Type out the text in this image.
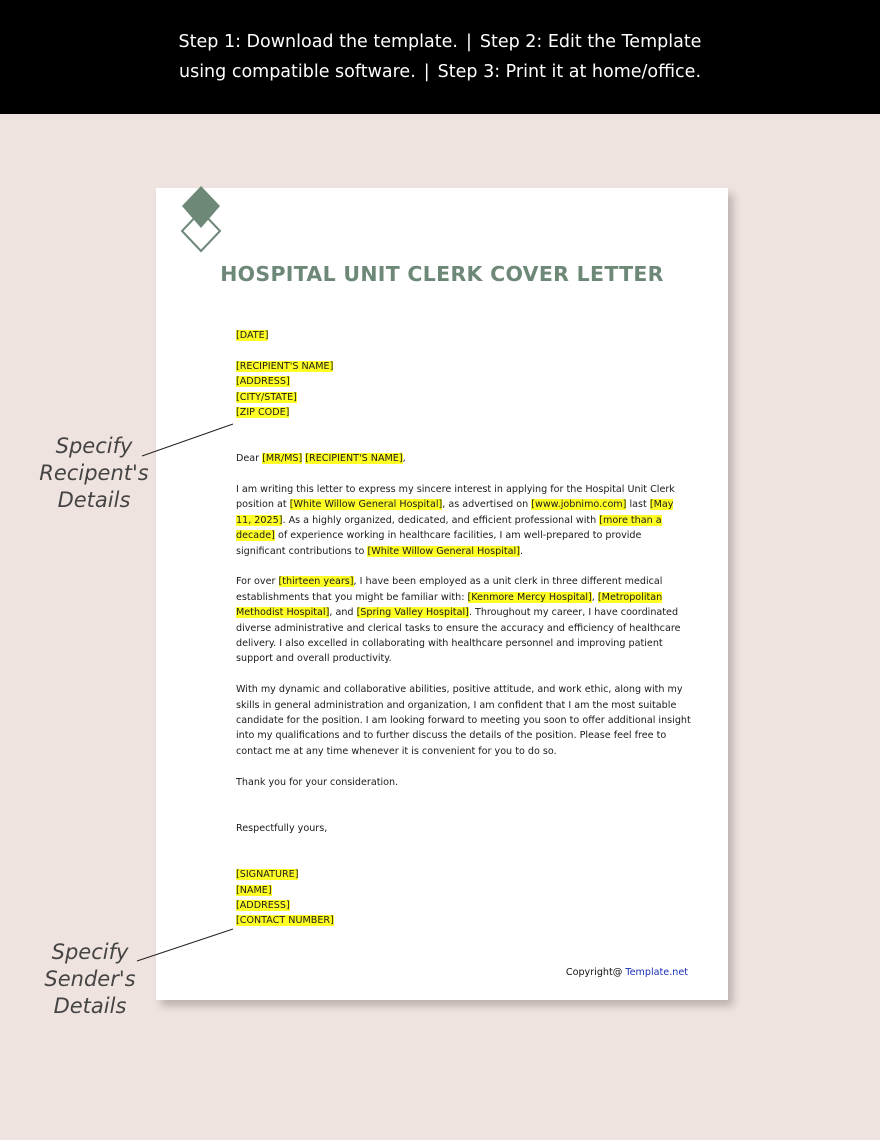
Step 1: Download the template. | Step 2: Edit the Template
using compatible software. | Step 3: Print it at home/office.
HOSPITAL UNIT CLERK COVER LETTER

[DATE]

[RECIPIENT'S NAME]

[ADDRESS]

[CITY/STATE]

[ZIP CODE]

Dear [MR/MS] [RECIPIENT'S NAME],

I am writing this letter to express my sincere interest in applying for the Hospital Unit Clerk position at [White Willow General Hospital], as advertised on [www.jobnimo.com] last [May 11, 2025]. As a highly organized, dedicated, and efficient professional with [more than a decade] of experience working in healthcare facilities, I am well-prepared to provide significant contributions to [White Willow General Hospital].

For over [thirteen years], I have been employed as a unit clerk in three different medical establishments that you might be familiar with: [Kenmore Mercy Hospital], [Metropolitan Methodist Hospital], and [Spring Valley Hospital]. Throughout my career, I have coordinated diverse administrative and clerical tasks to ensure the accuracy and efficiency of healthcare delivery. I also excelled in collaborating with healthcare personnel and improving patient support and overall productivity.

With my dynamic and collaborative abilities, positive attitude, and work ethic, along with my skills in general administration and organization, I am confident that I am the most suitable candidate for the position. I am looking forward to meeting you soon to offer additional insight into my qualifications and to further discuss the details of the position. Please feel free to contact me at any time whenever it is convenient for you to do so.

Thank you for your consideration.

Respectfully yours,

[SIGNATURE]

[NAME]

[ADDRESS]

[CONTACT NUMBER]

Copyright@ Template.net
Specify
Recipent's
Details
Specify
Sender's
Details
